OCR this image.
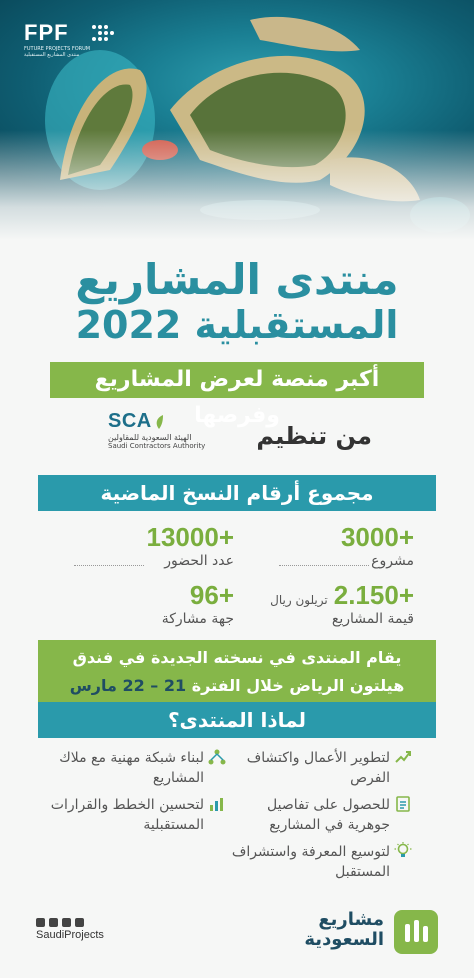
FPF
FUTURE PROJECTS FORUM
منتدى المشاريع المستقبلية
منتدى المشاريع
المستقبلية 2022
أكبر منصة لعرض المشاريع وفرصها
من تنظيم
SCA
الهيئة السعودية للمقاولين
Saudi Contractors Authority
مجموع أرقام النسخ الماضية
+3000
مشروع
+13000
عدد الحضور
+2.150
تريلون ريال
قيمة المشاريع
+96
جهة مشاركة
يقام المنتدى في نسخته الجديدة في فندق
هيلتون الرياض خلال الفترة 21 – 22 مارس
لماذا المنتدى؟
لتطوير الأعمال واكتشاف الفرص
لبناء شبكة مهنية مع ملاك المشاريع
للحصول على تفاصيل جوهرية في المشاريع
لتحسين الخطط والقرارات المستقبلية
لتوسيع المعرفة واستشراف المستقبل
SaudiProjects
مشاريع
السعودية
